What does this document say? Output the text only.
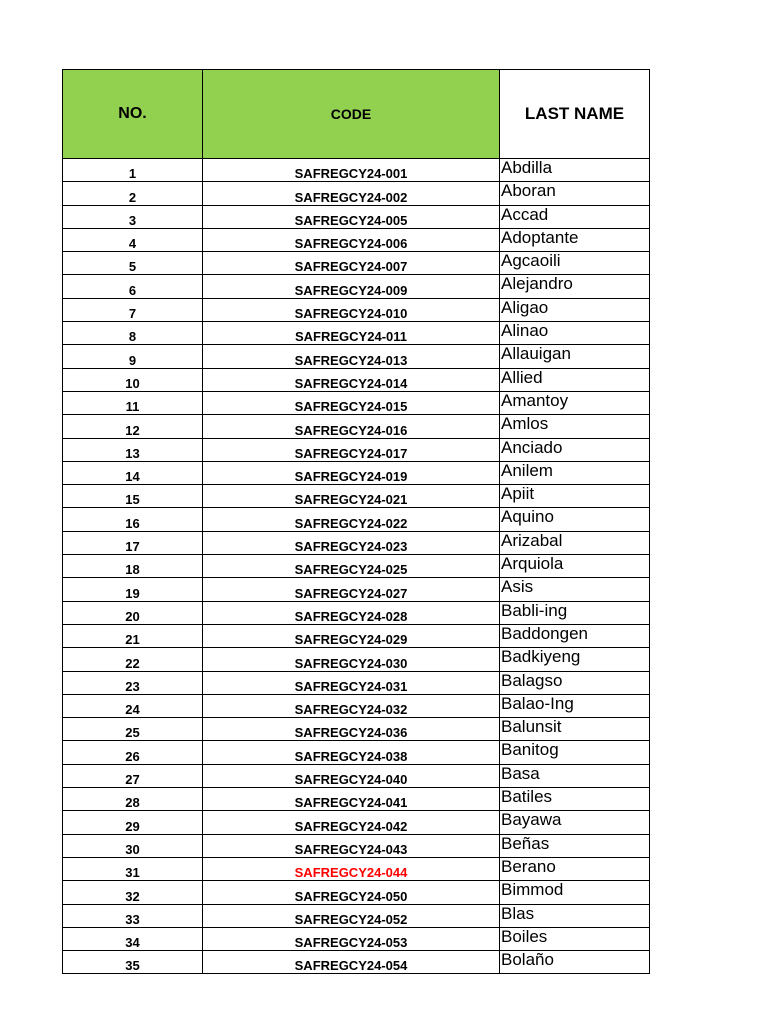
NO.	CODE	LAST NAME
1	SAFREGCY24-001	Abdilla
2	SAFREGCY24-002	Aboran
3	SAFREGCY24-005	Accad
4	SAFREGCY24-006	Adoptante
5	SAFREGCY24-007	Agcaoili
6	SAFREGCY24-009	Alejandro
7	SAFREGCY24-010	Aligao
8	SAFREGCY24-011	Alinao
9	SAFREGCY24-013	Allauigan
10	SAFREGCY24-014	Allied
11	SAFREGCY24-015	Amantoy
12	SAFREGCY24-016	Amlos
13	SAFREGCY24-017	Anciado
14	SAFREGCY24-019	Anilem
15	SAFREGCY24-021	Apiit
16	SAFREGCY24-022	Aquino
17	SAFREGCY24-023	Arizabal
18	SAFREGCY24-025	Arquiola
19	SAFREGCY24-027	Asis
20	SAFREGCY24-028	Babli-ing
21	SAFREGCY24-029	Baddongen
22	SAFREGCY24-030	Badkiyeng
23	SAFREGCY24-031	Balagso
24	SAFREGCY24-032	Balao-Ing
25	SAFREGCY24-036	Balunsit
26	SAFREGCY24-038	Banitog
27	SAFREGCY24-040	Basa
28	SAFREGCY24-041	Batiles
29	SAFREGCY24-042	Bayawa
30	SAFREGCY24-043	Beñas
31	SAFREGCY24-044	Berano
32	SAFREGCY24-050	Bimmod
33	SAFREGCY24-052	Blas
34	SAFREGCY24-053	Boiles
35	SAFREGCY24-054	Bolaño
